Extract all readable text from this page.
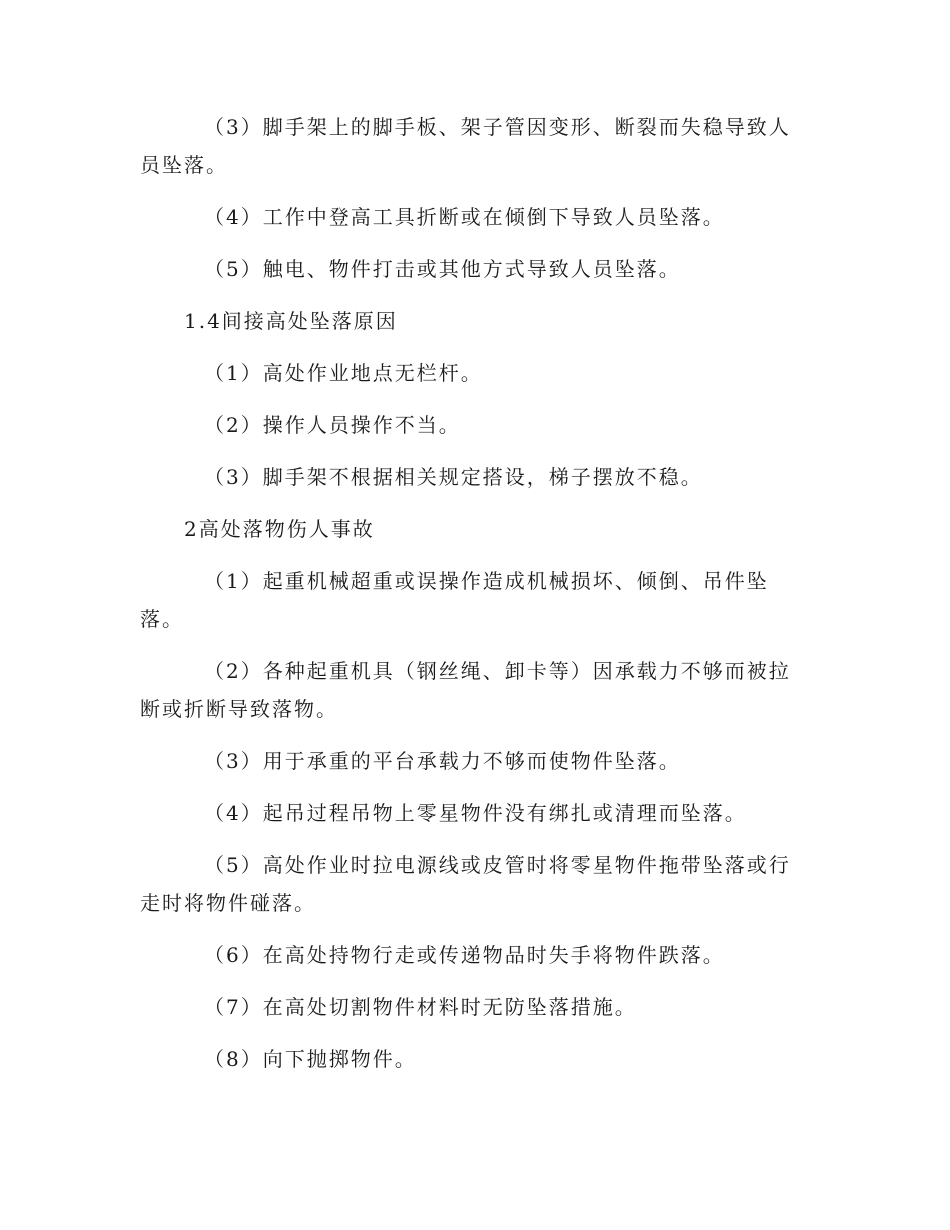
（3）脚手架上的脚手板、架子管因变形、断裂而失稳导致人员坠落。

（4）工作中登高工具折断或在倾倒下导致人员坠落。

（5）触电、物件打击或其他方式导致人员坠落。

1.4间接高处坠落原因

（1）高处作业地点无栏杆。

（2）操作人员操作不当。

（3）脚手架不根据相关规定搭设，梯子摆放不稳。

2高处落物伤人事故

（1）起重机械超重或误操作造成机械损坏、倾倒、吊件坠落。

（2）各种起重机具（钢丝绳、卸卡等）因承载力不够而被拉断或折断导致落物。

（3）用于承重的平台承载力不够而使物件坠落。

（4）起吊过程吊物上零星物件没有绑扎或清理而坠落。

（5）高处作业时拉电源线或皮管时将零星物件拖带坠落或行走时将物件碰落。

（6）在高处持物行走或传递物品时失手将物件跌落。

（7）在高处切割物件材料时无防坠落措施。

（8）向下抛掷物件。
